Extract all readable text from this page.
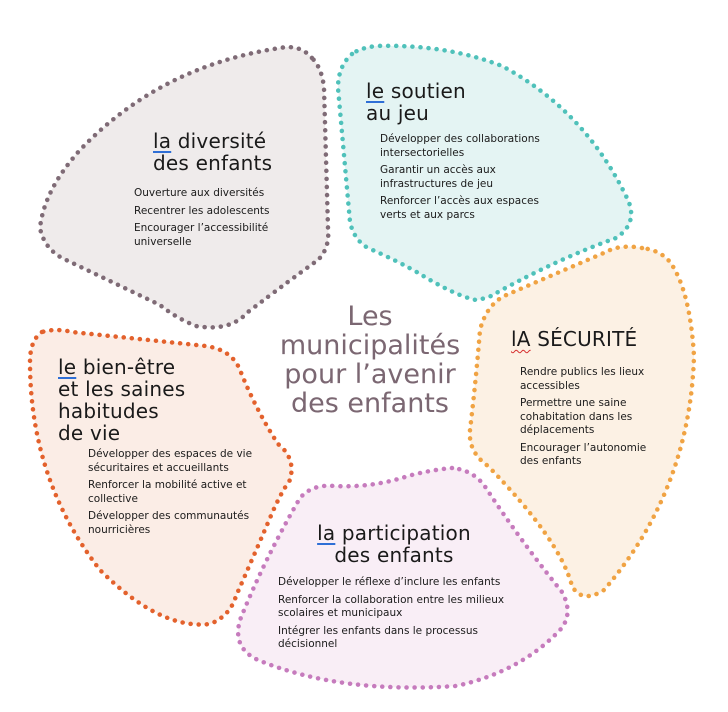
Les
municipalités
pour l’avenir
des enfants
la diversité
des enfants
Ouverture aux diversités
Recentrer les adolescents
Encourager l’accessibilité universelle
le soutien
au jeu
Développer des collaborations intersectorielles
Garantir un accès aux infrastructures de jeu
Renforcer l’accès aux espaces verts et aux parcs
lA SÉCURITÉ
Rendre publics les lieux accessibles
Permettre une saine cohabitation dans les déplacements
Encourager l’autonomie des enfants
la participation
des enfants
Développer le réflexe d’inclure les enfants
Renforcer la collaboration entre les milieux scolaires et municipaux
Intégrer les enfants dans le processus décisionnel
le bien-être
et les saines
habitudes
de vie
Développer des espaces de vie sécuritaires et accueillants
Renforcer la mobilité active et collective
Développer des communautés nourricières
